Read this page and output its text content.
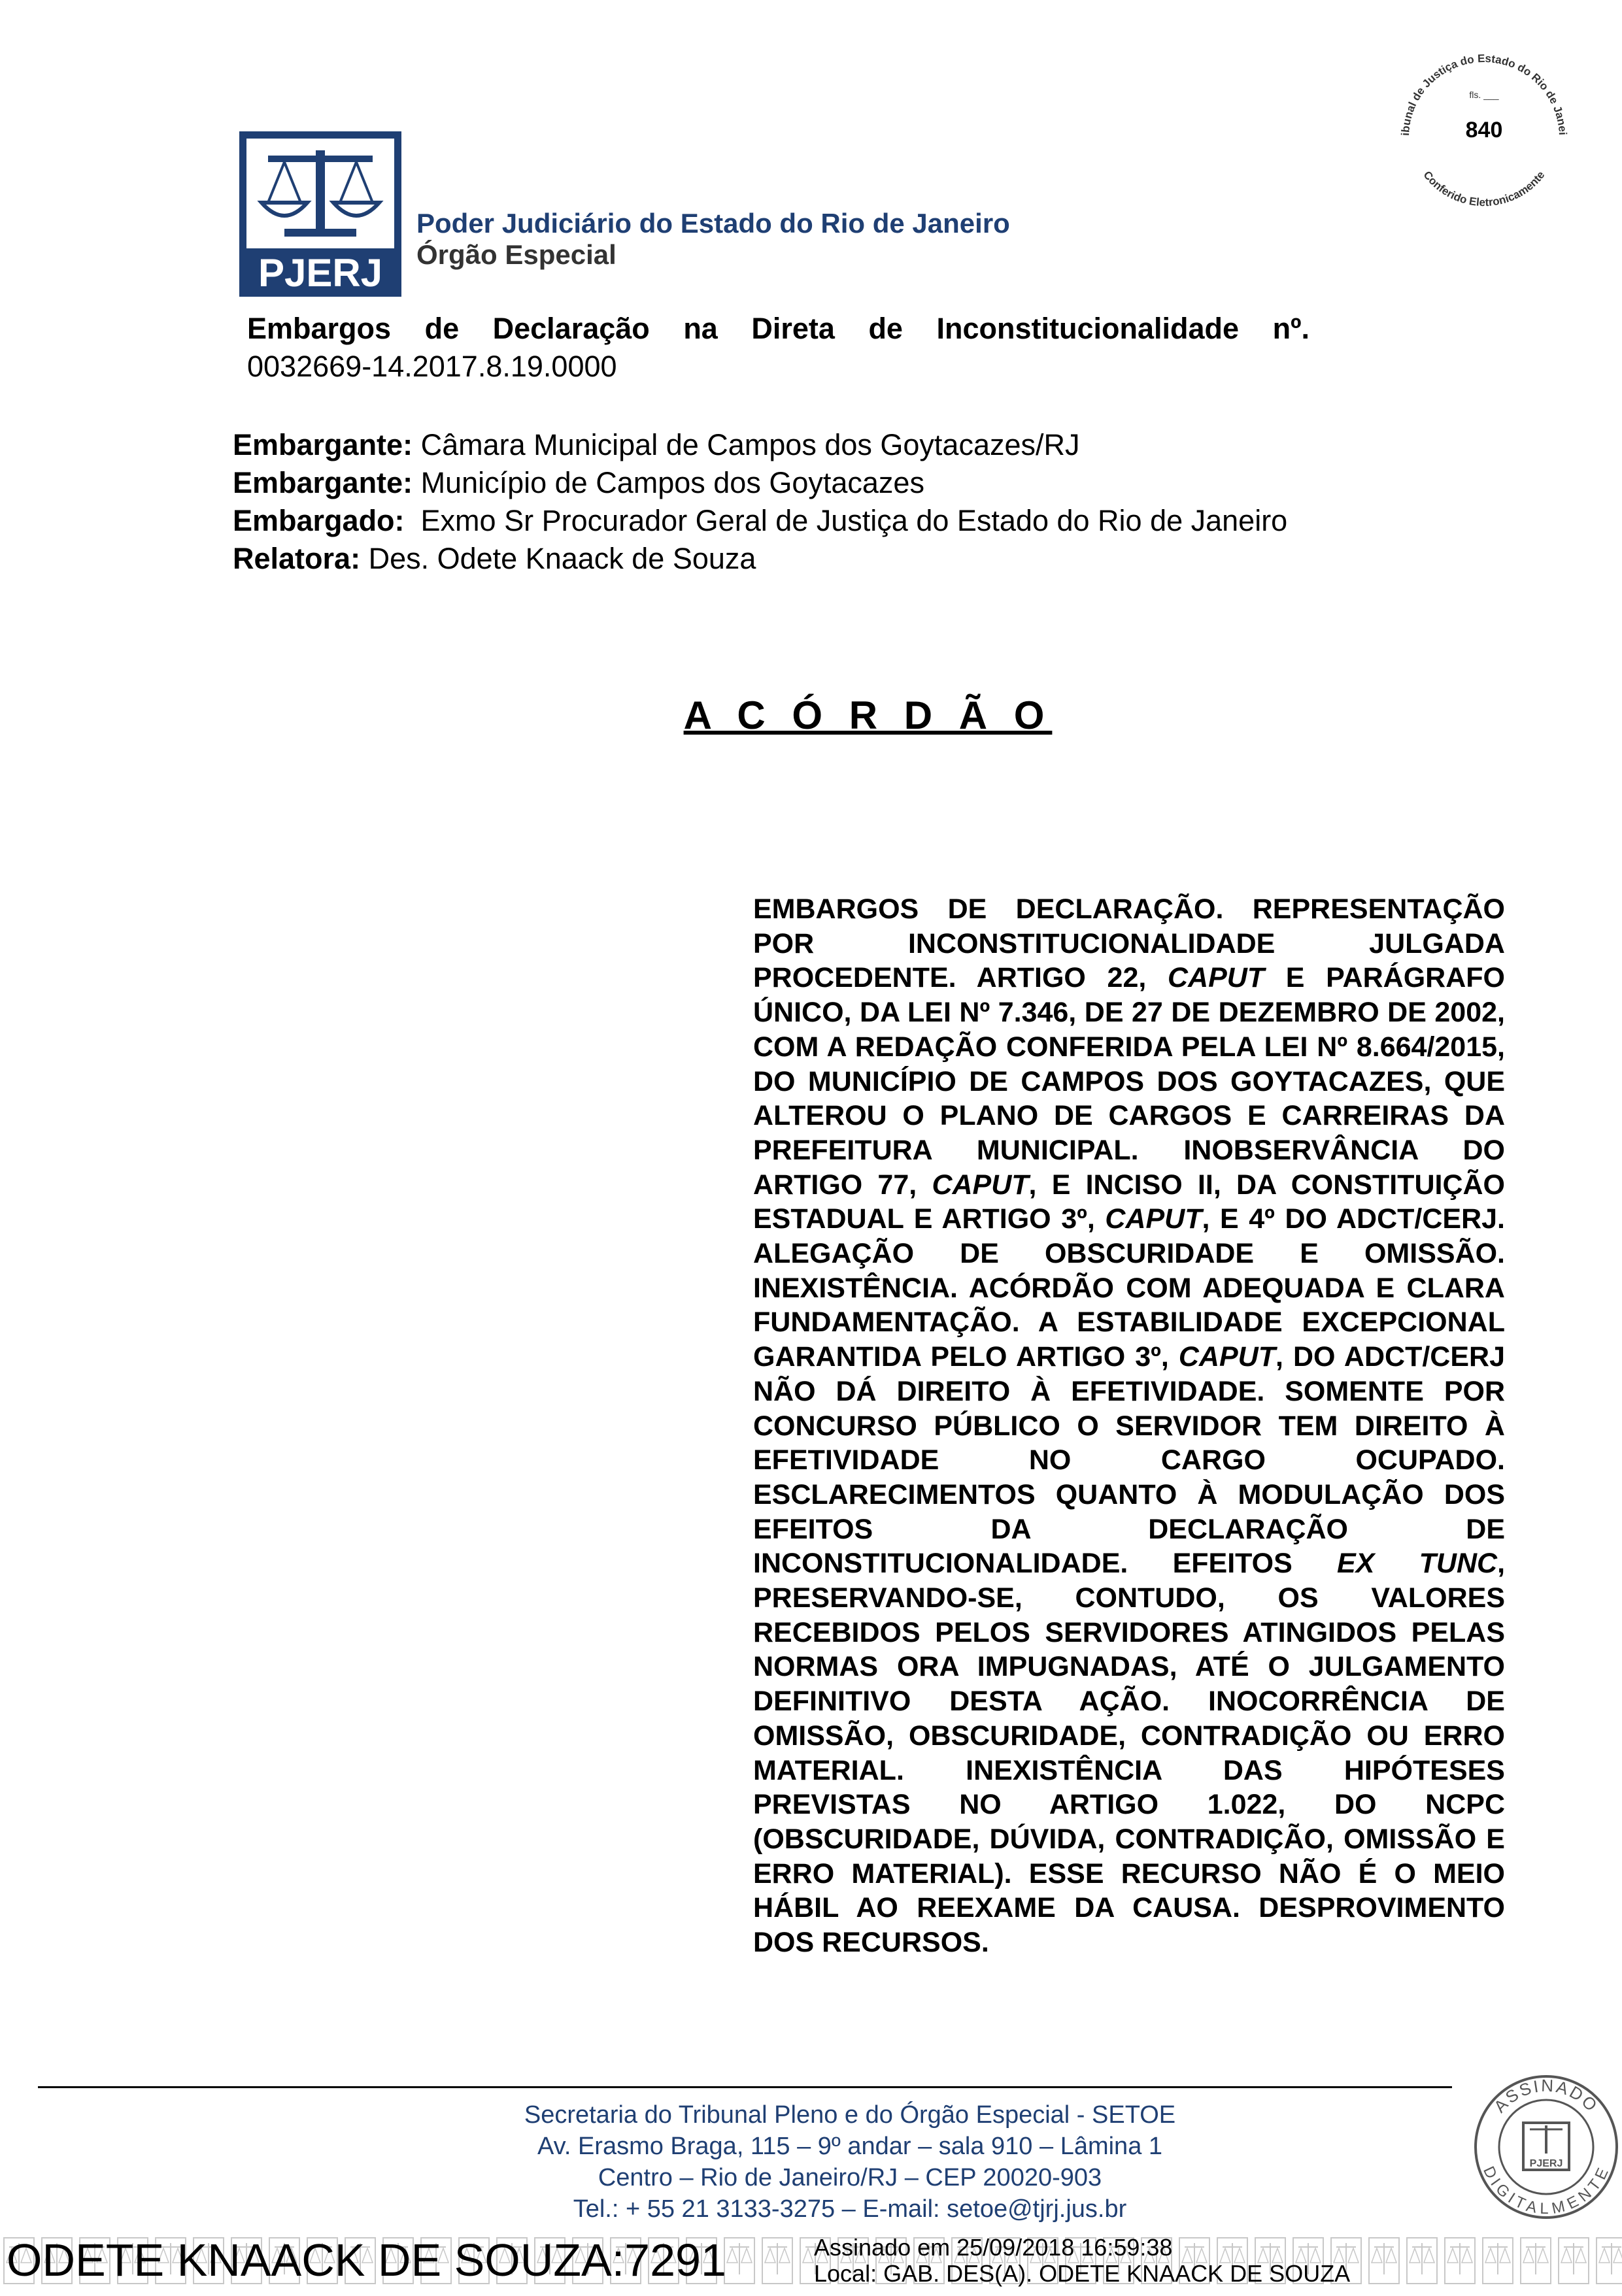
PJERJ
Poder Judiciário do Estado do Rio de Janeiro
Órgão Especial
ibunal de Justiça do Estado do Rio de Janei
Conferido Eletronicamente
fls. ___
840
Embargos de Declaração na Direta de Inconstitucionalidade nº.
0032669-14.2017.8.19.0000
Embargante: Câmara Municipal de Campos dos Goytacazes/RJ
Embargante: Município de Campos dos Goytacazes
Embargado:  Exmo Sr Procurador Geral de Justiça do Estado do Rio de Janeiro
Relatora: Des. Odete Knaack de Souza
A C Ó R D Ã O
EMBARGOS DE DECLARAÇÃO. REPRESENTAÇÃO POR INCONSTITUCIONALIDADE JULGADA PROCEDENTE. ARTIGO 22, CAPUT E PARÁGRAFO ÚNICO, DA LEI Nº 7.346, DE 27 DE DEZEMBRO DE 2002, COM A REDAÇÃO CONFERIDA PELA LEI Nº 8.664/2015, DO MUNICÍPIO DE CAMPOS DOS GOYTACAZES, QUE ALTEROU O PLANO DE CARGOS E CARREIRAS DA PREFEITURA MUNICIPAL. INOBSERVÂNCIA DO ARTIGO 77, CAPUT, E INCISO II, DA CONSTITUIÇÃO ESTADUAL E ARTIGO 3º, CAPUT, E 4º DO ADCT/CERJ. ALEGAÇÃO DE OBSCURIDADE E OMISSÃO. INEXISTÊNCIA. ACÓRDÃO COM ADEQUADA E CLARA FUNDAMENTAÇÃO. A ESTABILIDADE EXCEPCIONAL GARANTIDA PELO ARTIGO 3º, CAPUT, DO ADCT/CERJ NÃO DÁ DIREITO À EFETIVIDADE. SOMENTE POR CONCURSO PÚBLICO O SERVIDOR TEM DIREITO À EFETIVIDADE NO CARGO OCUPADO. ESCLARECIMENTOS QUANTO À MODULAÇÃO DOS EFEITOS DA DECLARAÇÃO DE INCONSTITUCIONALIDADE. EFEITOS EX TUNC, PRESERVANDO-SE, CONTUDO, OS VALORES RECEBIDOS PELOS SERVIDORES ATINGIDOS PELAS NORMAS ORA IMPUGNADAS, ATÉ O JULGAMENTO DEFINITIVO DESTA AÇÃO. INOCORRÊNCIA DE OMISSÃO, OBSCURIDADE, CONTRADIÇÃO OU ERRO MATERIAL. INEXISTÊNCIA DAS HIPÓTESES PREVISTAS NO ARTIGO 1.022, DO NCPC (OBSCURIDADE, DÚVIDA, CONTRADIÇÃO, OMISSÃO E ERRO MATERIAL). ESSE RECURSO NÃO É O MEIO HÁBIL AO REEXAME DA CAUSA. DESPROVIMENTO DOS RECURSOS.
Secretaria do Tribunal Pleno e do Órgão Especial - SETOE
Av. Erasmo Braga, 115 – 9º andar – sala 910 – Lâmina 1
Centro – Rio de Janeiro/RJ – CEP 20020-903
Tel.: + 55 21 3133-3275 – E-mail: setoe@tjrj.jus.br
ASSINADO
DIGITALMENTE
PJERJ
ODETE KNAACK DE SOUZA:7291	Assinado em 25/09/2018 16:59:38
Local: GAB. DES(A). ODETE KNAACK DE SOUZA
